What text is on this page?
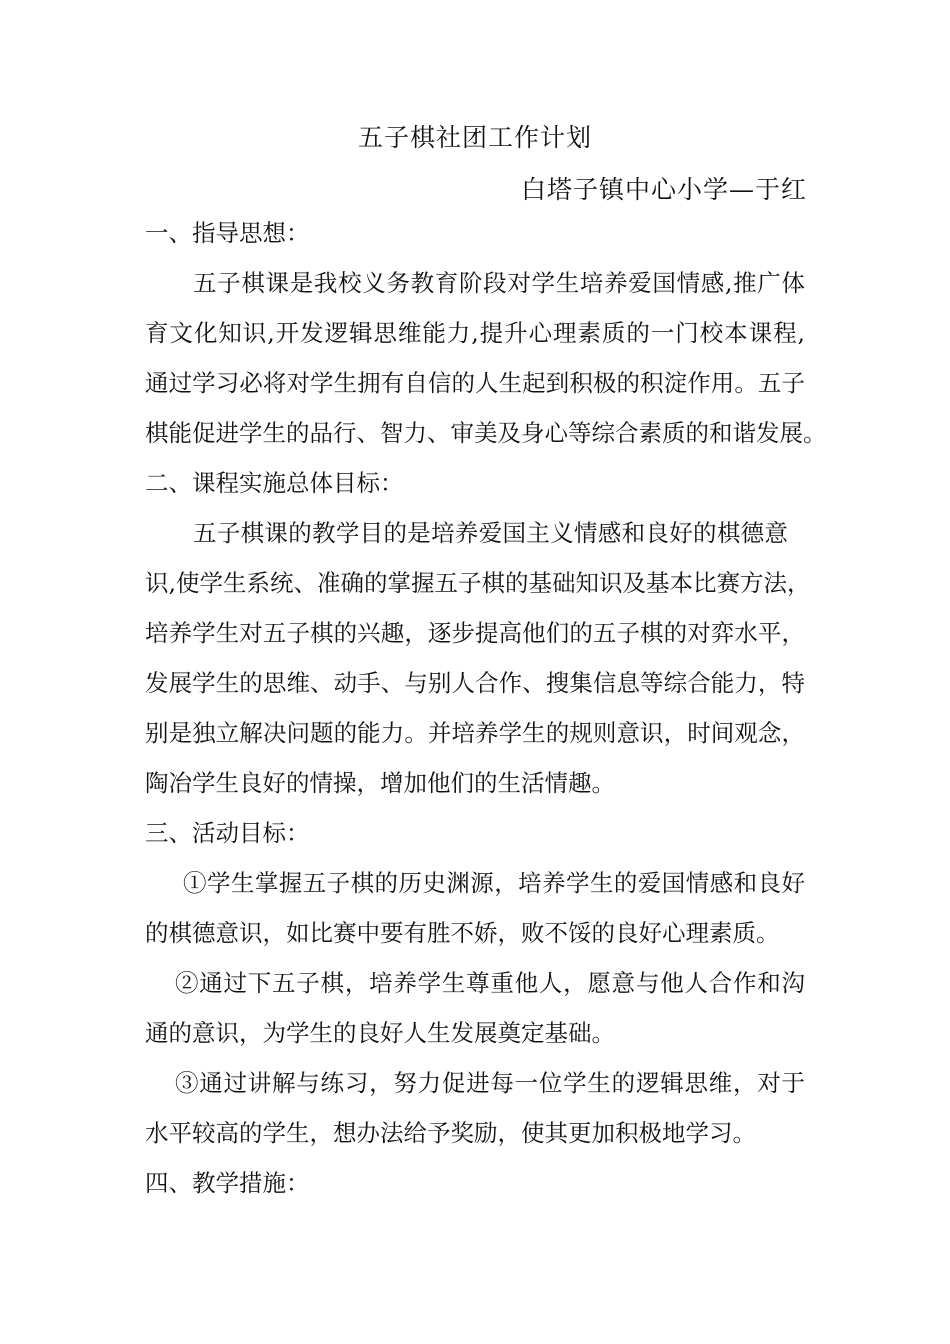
五子棋社团工作计划
白塔子镇中心小学—于红
一、指导思想：
五子棋课是我校义务教育阶段对学生培养爱国情感,推广体
育文化知识,开发逻辑思维能力,提升心理素质的一门校本课程,
通过学习必将对学生拥有自信的人生起到积极的积淀作用。五子
棋能促进学生的品行、智力、审美及身心等综合素质的和谐发展。
二、课程实施总体目标：
五子棋课的教学目的是培养爱国主义情感和良好的棋德意
识,使学生系统、准确的掌握五子棋的基础知识及基本比赛方法，
培养学生对五子棋的兴趣，逐步提高他们的五子棋的对弈水平，
发展学生的思维、动手、与别人合作、搜集信息等综合能力，特
别是独立解决问题的能力。并培养学生的规则意识，时间观念，
陶冶学生良好的情操，增加他们的生活情趣。
三、活动目标：
①学生掌握五子棋的历史渊源，培养学生的爱国情感和良好
的棋德意识，如比赛中要有胜不娇，败不馁的良好心理素质。
②通过下五子棋，培养学生尊重他人，愿意与他人合作和沟
通的意识，为学生的良好人生发展奠定基础。
③通过讲解与练习，努力促进每一位学生的逻辑思维，对于
水平较高的学生，想办法给予奖励，使其更加积极地学习。
四、教学措施：
